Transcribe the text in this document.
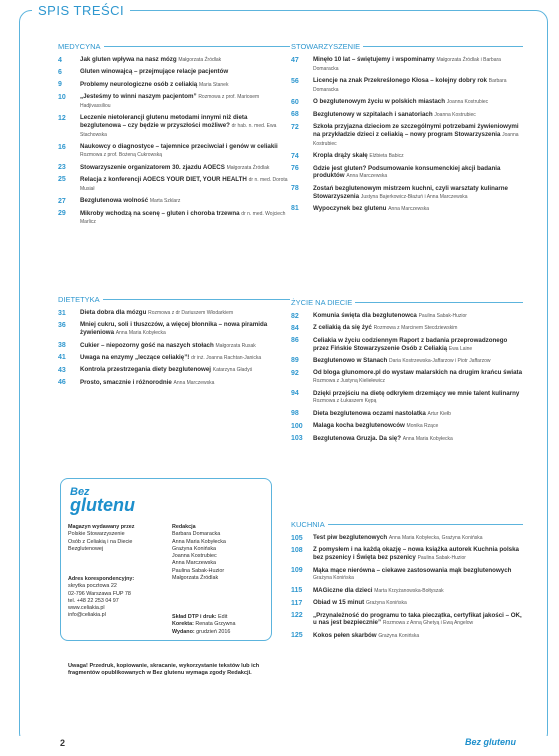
SPIS TREŚCI
MEDYCYNA
4	Jak gluten wpływa na nasz mózg Małgorzata Źródlak
6	Gluten winowajcą – przejmujące relacje pacjentów
9	Problemy neurologiczne osób z celiakią Maria Stanek
10	„Jesteśmy to winni naszym pacjentom” Rozmowa z prof. Mariosem Hadjivassiliou
12	Leczenie nietolerancji glutenu metodami innymi niż dieta bezglutenowa – czy będzie w przyszłości możliwe? dr hab. n. med. Ewa Stachowska
16	Naukowcy o diagnostyce – tajemnice przeciwciał i genów w celiakii Rozmowa z prof. Bożeną Cukrowską
23	Stowarzyszenie organizatorem 30. zjazdu AOECS Małgorzata Źródlak
25	Relacja z konferencji AOECS YOUR DIET, YOUR HEALTH dr n. med. Dorota Musiał
27	Bezglutenowa wolność Marta Szklarz
29	Mikroby wchodzą na scenę – gluten i choroba trzewna dr n. med. Wojciech Marlicz
DIETETYKA
31	Dieta dobra dla mózgu Rozmowa z dr Dariuszem Włodarkiem
36	Mniej cukru, soli i tłuszczów, a więcej błonnika – nowa piramida żywieniowa Anna Maria Kobyłecka
38	Cukier – niepozorny gość na naszych stołach Małgorzata Rusak
41	Uwaga na enzymy „leczące celiakię”! dr inż. Joanna Rachtan-Janicka
43	Kontrola przestrzegania diety bezglutenowej Katarzyna Gładyś
46	Prosto, smacznie i różnorodnie Anna Marczewska
STOWARZYSZENIE
47	Minęło 10 lat – świętujemy i wspominamy Małgorzata Źródlak i Barbara Domaracka
56	Licencje na znak Przekreślonego Kłosa – kolejny dobry rok Barbara Domaracka
60	O bezglutenowym życiu w polskich miastach Joanna Kostrubiec
68	Bezglutenowy w szpitalach i sanatoriach Joanna Kostrubiec
72	Szkoła przyjazna dzieciom ze szczególnymi potrzebami żywieniowymi na przykładzie dzieci z celiakią – nowy program Stowarzyszenia Joanna Kostrubiec
74	Kropla drąży skałę Elżbieta Babicz
76	Gdzie jest gluten? Podsumowanie konsumenckiej akcji badania produktów Anna Marczewska
78	Zostań bezglutenowym mistrzem kuchni, czyli warsztaty kulinarne Stowarzyszenia Justyna Bajerkowicz-Błażuń i Anna Marczewska
81	Wypoczynek bez glutenu Anna Marczewska
ŻYCIE NA DIECIE
82	Komunia święta dla bezglutenowca Paulina Sabak-Huzior
84	Z celiakią da się żyć Rozmowa z Marcinem Stecdziewskim
86	Celiakia w życiu codziennym Raport z badania przeprowadzonego przez Fińskie Stowarzyszenie Osób z Celiakią Ewa Laine
89	Bezglutenowo w Stanach Daria Kostrzewska-Jaffarzow i Piotr Jaffarzow
92	Od bloga glunomore.pl do wystaw malarskich na drugim krańcu świata Rozmowa z Justyną Kieliełewicz
94	Dzięki przejściu na dietę odkryłem drzemiący we mnie talent kulinarny Rozmowa z Łukaszem Kępą
98	Dieta bezglutenowa oczami nastolatka Artur Kiełb
100	Malaga kocha bezglutenowców Monika Rzące
103	Bezglutenowa Gruzja. Da się? Anna Maria Kobyłecka
KUCHNIA
105	Test piw bezglutenowych Anna Maria Kobyłecka, Grażyna Konińska
108	Z pomysłem i na każdą okazję – nowa książka autorek Kuchnia polska bez pszenicy i Święta bez pszenicy Paulina Sabak-Huzior
109	Mąka mące nierówna – ciekawe zastosowania mąk bezglutenowych Grażyna Konińska
115	MAGiczne dla dzieci Marta Krzyżanowska-Bołtyszak
117	Obiad w 15 minut Grażyna Konińska
122	„Przynależność do programu to taka pieczątka, certyfikat jakości – OK, u nas jest bezpiecznie” Rozmowa z Anną Ghetyą i Ewą Angelow
125	Kokos pełen skarbów Grażyna Konińska
Bez
glutenu
Magazyn wydawany przez
Polskie Stowarzyszenie
Osób z Celiakią i na Diecie
Bezglutenowej
Adres korespondencyjny:
skrytka pocztowa 22
02-796 Warszawa FUP 78
tel. +48 22 253 04 97
www.celiakia.pl
info@celiakia.pl
Redakcja
Barbara Domaracka
Anna Maria Kobyłecka
Grażyna Konińska
Joanna Kostrubiec
Anna Marczewska
Paulina Sabak-Huzior
Małgorzata Źródlak
Skład DTP i druk: Edit
Korekta: Renata Grzywna
Wydano: grudzień 2016
Uwaga! Przedruk, kopiowanie, skracanie, wykorzystanie tekstów lub ich fragmentów opublikowanych w Bez glutenu wymaga zgody Redakcji.
2	Bez glutenu
